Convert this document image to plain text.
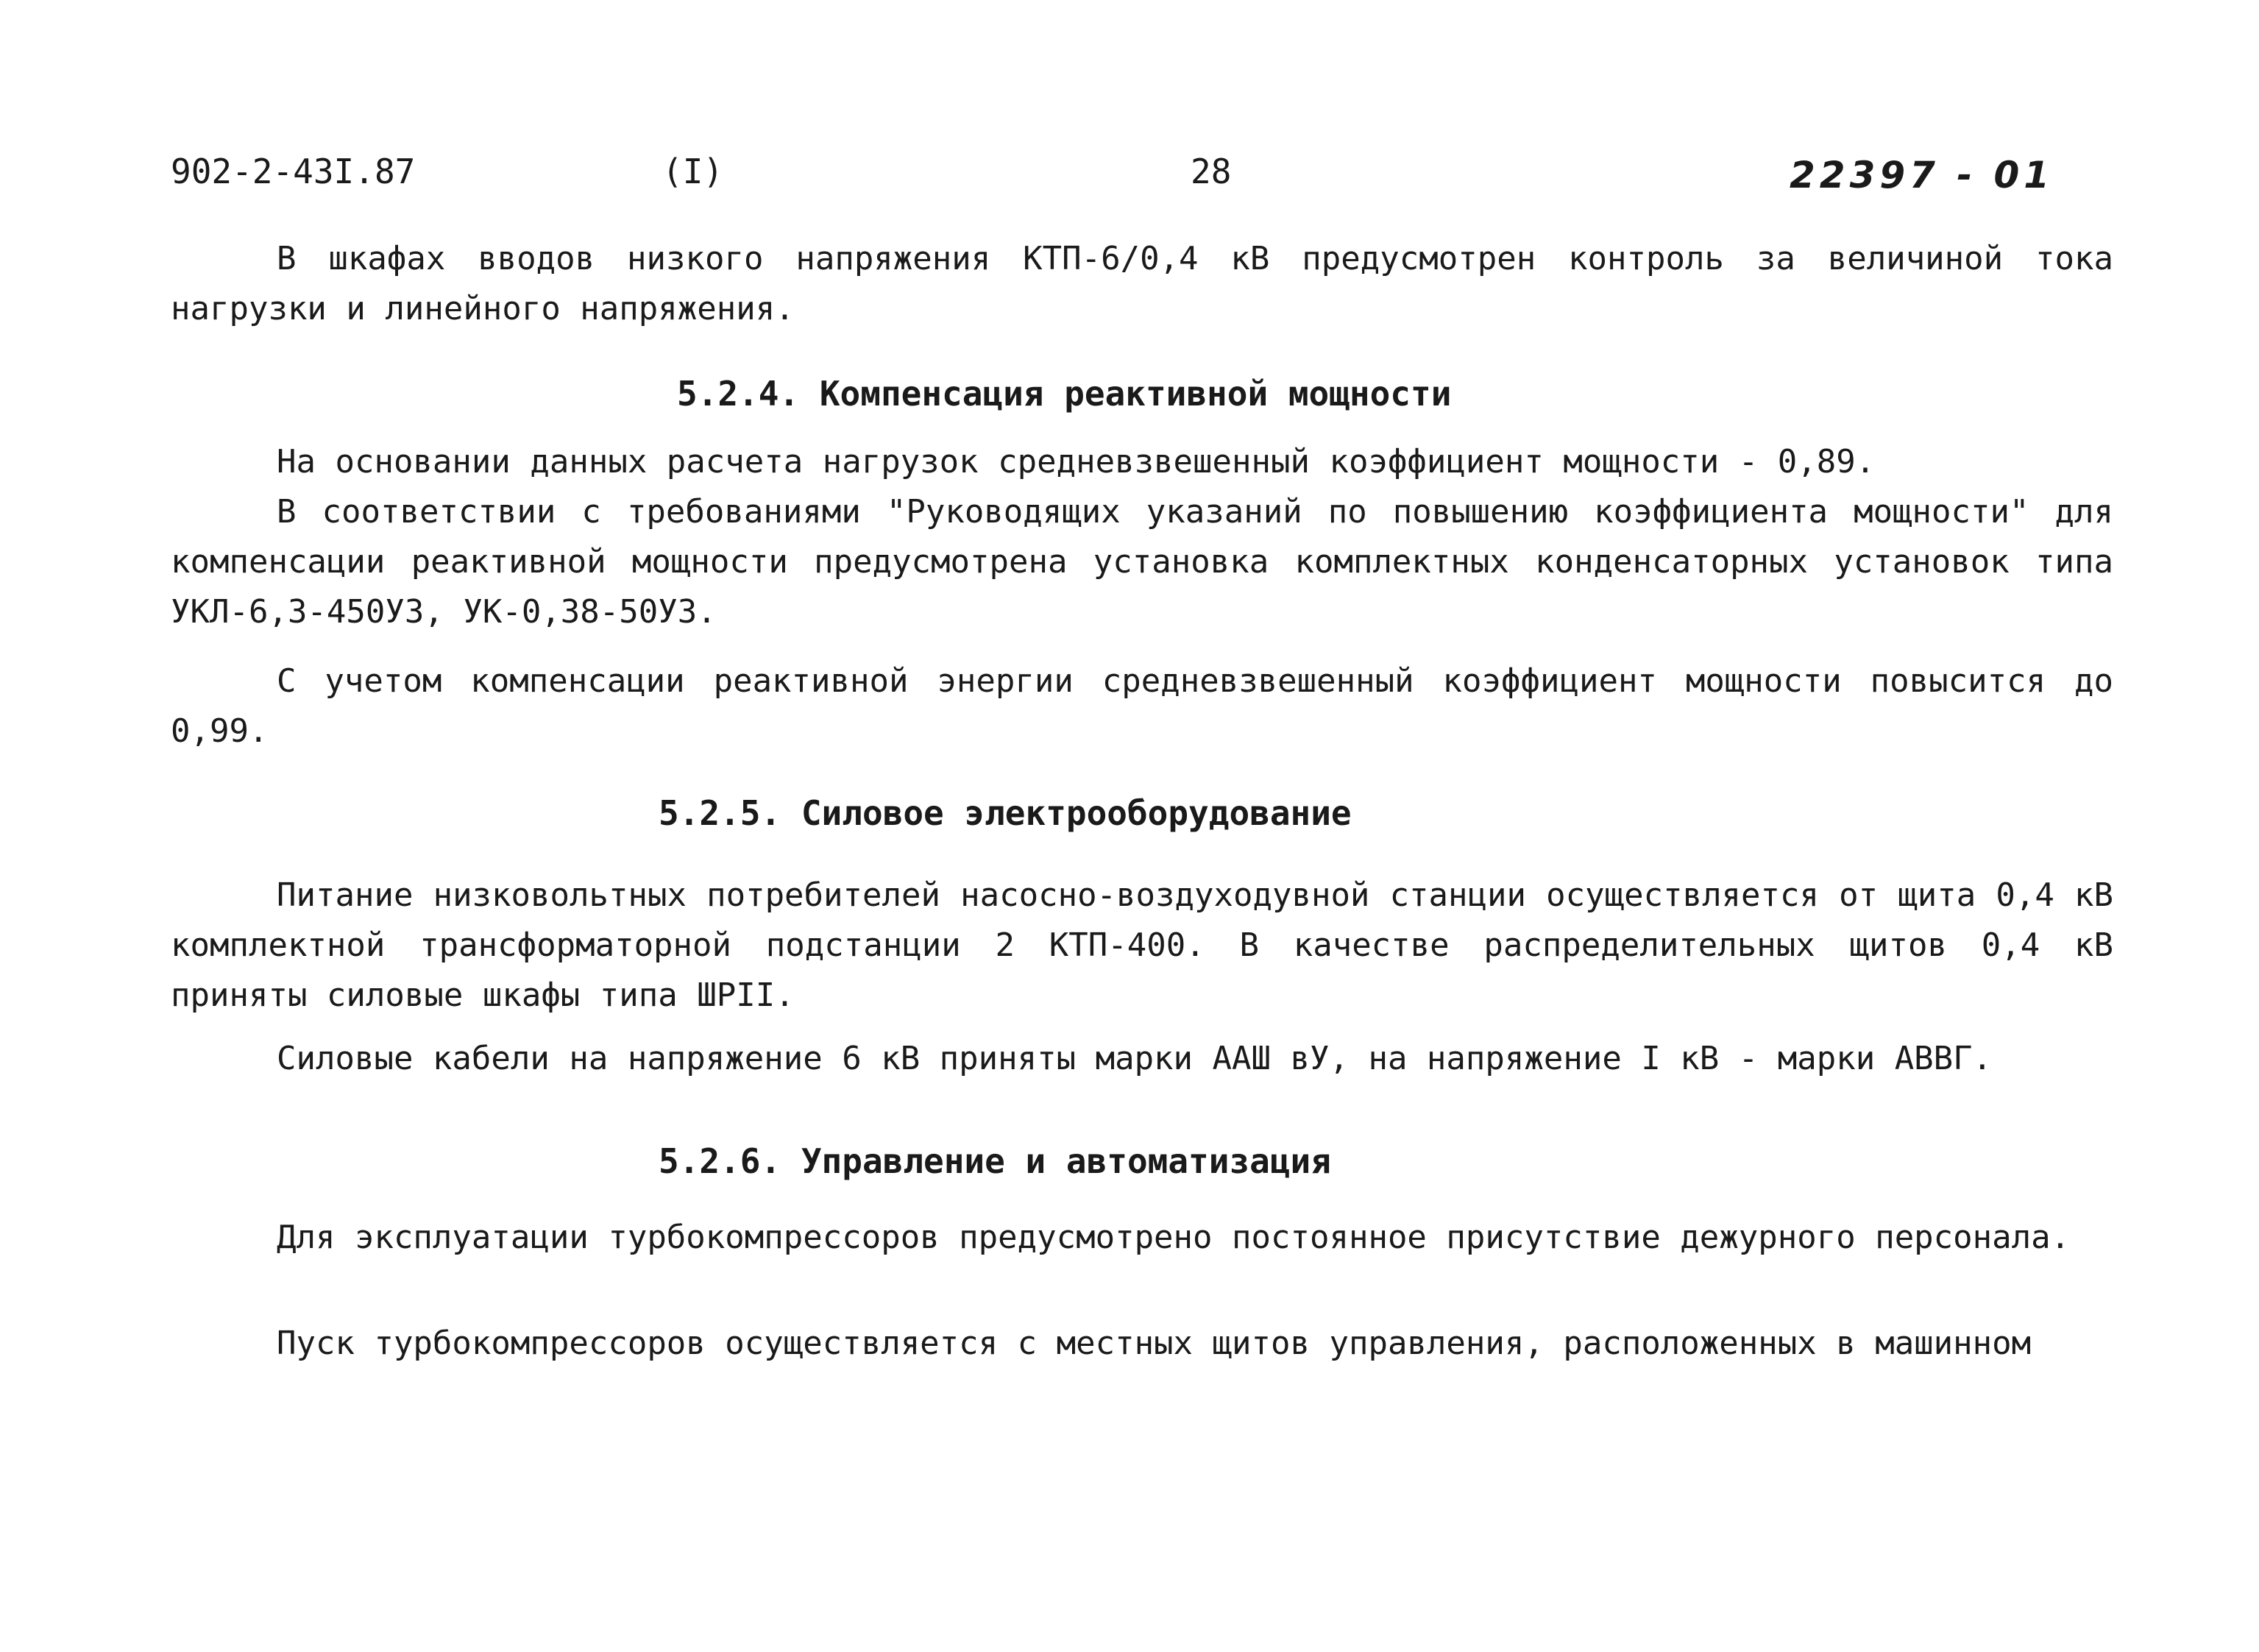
902-2-43I.87	(I)	28	22397 - 01

В шкафах вводов низкого напряжения КТП-6/0,4 кВ предусмотрен контроль за величиной тока нагрузки и линейного напряжения.

5.2.4. Компенсация реактивной мощности

На основании данных расчета нагрузок средневзвешенный коэффициент мощности - 0,89.

В соответствии с требованиями "Руководящих указаний по повышению коэффициента мощности" для компенсации реактивной мощности предусмотрена установка комплектных конденсаторных установок типа УКЛ-6,3-450УЗ, УК-0,38-50УЗ.

С учетом компенсации реактивной энергии средневзвешенный коэффициент мощности повысится до 0,99.

5.2.5. Силовое электрооборудование

Питание низковольтных потребителей насосно-воздуходувной станции осуществляется от щита 0,4 кВ комплектной трансформаторной подстанции 2 КТП-400. В качестве распределительных щитов 0,4 кВ приняты силовые шкафы типа ШРII.

Силовые кабели на напряжение 6 кВ приняты марки ААШ вУ, на напряжение I кВ - марки АВВГ.

5.2.6. Управление и автоматизация

Для эксплуатации турбокомпрессоров предусмотрено постоянное присутствие дежурного персонала.

Пуск турбокомпрессоров осуществляется с местных щитов управления, расположенных в машинном
